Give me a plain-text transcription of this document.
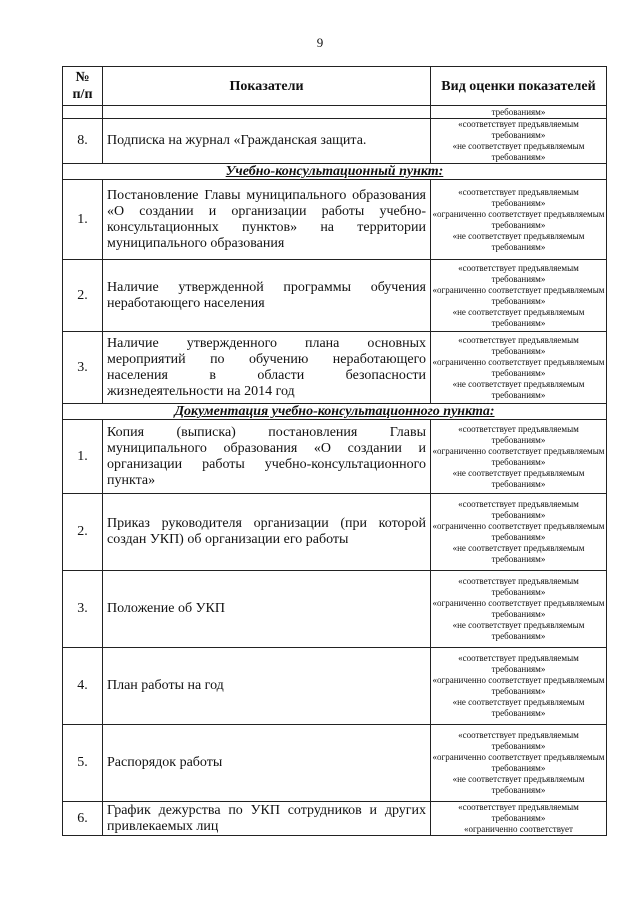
9
№
п/п	Показатели	Вид оценки показателей
		требованиям»
8.	Подписка на журнал «Гражданская защита.	«соответствует предъявляемым требованиям»
«не соответствует предъявляемым требованиям»

Учебно-консультационный пункт:		
1.	Постановление Главы муниципального образования «О создании и организации работы учебно-консультационных пунктов» на территории муниципального образования	«соответствует предъявляемым требованиям»
«ограниченно соответствует предъявляемым требованиям»
«не соответствует предъявляемым требованиям»

2.	Наличие утвержденной программы обучения неработающего населения	«соответствует предъявляемым требованиям»
«ограниченно соответствует предъявляемым требованиям»
«не соответствует предъявляемым требованиям»

3.	Наличие утвержденного плана основных мероприятий по обучению неработающего населения в области безопасности жизнедеятельности на 2014 год	«соответствует предъявляемым требованиям»
«ограниченно соответствует предъявляемым требованиям»
«не соответствует предъявляемым требованиям»

Документация учебно-консультационного пункта:		
1.	Копия (выписка) постановления Главы муниципального образования «О создании и организации работы учебно-консультационного пункта»	«соответствует предъявляемым требованиям»
«ограниченно соответствует предъявляемым требованиям»
«не соответствует предъявляемым требованиям»

2.	Приказ руководителя организации (при которой создан УКП) об организации его работы	«соответствует предъявляемым требованиям»
«ограниченно соответствует предъявляемым требованиям»
«не соответствует предъявляемым требованиям»

3.	Положение об УКП	«соответствует предъявляемым требованиям»
«ограниченно соответствует предъявляемым требованиям»
«не соответствует предъявляемым требованиям»

4.	План работы на год	«соответствует предъявляемым требованиям»
«ограниченно соответствует предъявляемым требованиям»
«не соответствует предъявляемым требованиям»

5.	Распорядок работы	«соответствует предъявляемым требованиям»
«ограниченно соответствует предъявляемым требованиям»
«не соответствует предъявляемым требованиям»

6.	График дежурства по УКП сотрудников и других привлекаемых лиц	«соответствует предъявляемым требованиям»
«ограниченно соответствует
